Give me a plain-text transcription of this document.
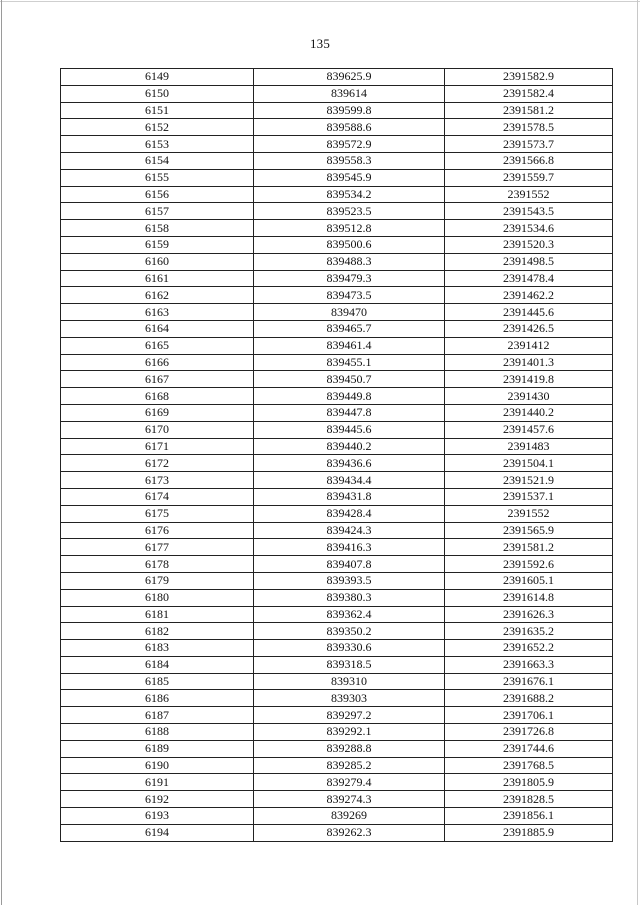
135
6149	839625.9	2391582.9
6150	839614	2391582.4
6151	839599.8	2391581.2
6152	839588.6	2391578.5
6153	839572.9	2391573.7
6154	839558.3	2391566.8
6155	839545.9	2391559.7
6156	839534.2	2391552
6157	839523.5	2391543.5
6158	839512.8	2391534.6
6159	839500.6	2391520.3
6160	839488.3	2391498.5
6161	839479.3	2391478.4
6162	839473.5	2391462.2
6163	839470	2391445.6
6164	839465.7	2391426.5
6165	839461.4	2391412
6166	839455.1	2391401.3
6167	839450.7	2391419.8
6168	839449.8	2391430
6169	839447.8	2391440.2
6170	839445.6	2391457.6
6171	839440.2	2391483
6172	839436.6	2391504.1
6173	839434.4	2391521.9
6174	839431.8	2391537.1
6175	839428.4	2391552
6176	839424.3	2391565.9
6177	839416.3	2391581.2
6178	839407.8	2391592.6
6179	839393.5	2391605.1
6180	839380.3	2391614.8
6181	839362.4	2391626.3
6182	839350.2	2391635.2
6183	839330.6	2391652.2
6184	839318.5	2391663.3
6185	839310	2391676.1
6186	839303	2391688.2
6187	839297.2	2391706.1
6188	839292.1	2391726.8
6189	839288.8	2391744.6
6190	839285.2	2391768.5
6191	839279.4	2391805.9
6192	839274.3	2391828.5
6193	839269	2391856.1
6194	839262.3	2391885.9
